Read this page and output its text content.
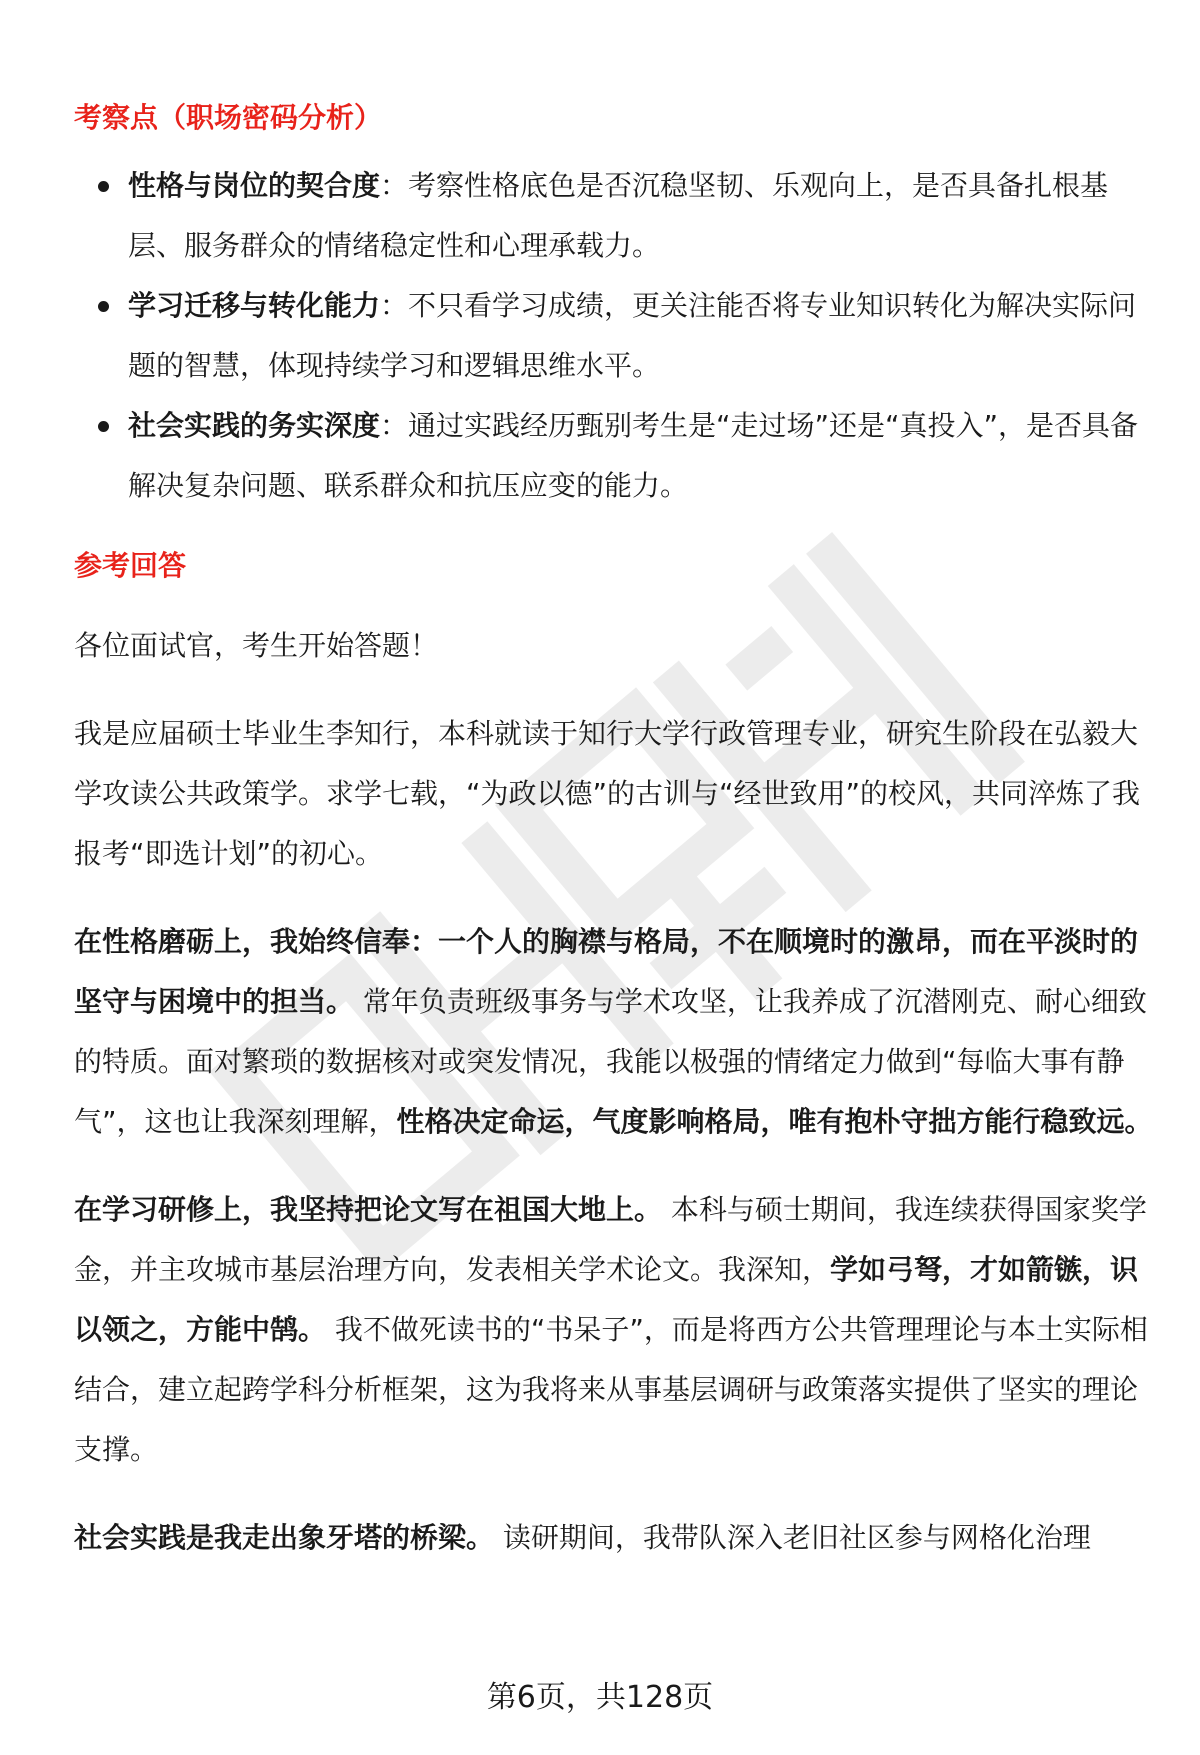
考察点（职场密码分析）
性格与岗位的契合度：考察性格底色是否沉稳坚韧、乐观向上，是否具备扎根基层、服务群众的情绪稳定性和心理承载力。
学习迁移与转化能力：不只看学习成绩，更关注能否将专业知识转化为解决实际问题的智慧，体现持续学习和逻辑思维水平。
社会实践的务实深度：通过实践经历甄别考生是“走过场”还是“真投入”，是否具备解决复杂问题、联系群众和抗压应变的能力。
参考回答

各位面试官，考生开始答题！

我是应届硕士毕业生李知行，本科就读于知行大学行政管理专业，研究生阶段在弘毅大学攻读公共政策学。求学七载，“为政以德”的古训与“经世致用”的校风，共同淬炼了我报考“即选计划”的初心。

在性格磨砺上，我始终信奉：一个人的胸襟与格局，不在顺境时的激昂，而在平淡时的坚守与困境中的担当。 常年负责班级事务与学术攻坚，让我养成了沉潜刚克、耐心细致的特质。面对繁琐的数据核对或突发情况，我能以极强的情绪定力做到“每临大事有静气”，这也让我深刻理解，性格决定命运，气度影响格局，唯有抱朴守拙方能行稳致远。

在学习研修上，我坚持把论文写在祖国大地上。 本科与硕士期间，我连续获得国家奖学金，并主攻城市基层治理方向，发表相关学术论文。我深知，学如弓弩，才如箭镞，识以领之，方能中鹄。 我不做死读书的“书呆子”，而是将西方公共管理理论与本土实际相结合，建立起跨学科分析框架，这为我将来从事基层调研与政策落实提供了坚实的理论支撑。

社会实践是我走出象牙塔的桥梁。 读研期间，我带队深入老旧社区参与网格化治理

第6页，共128页
